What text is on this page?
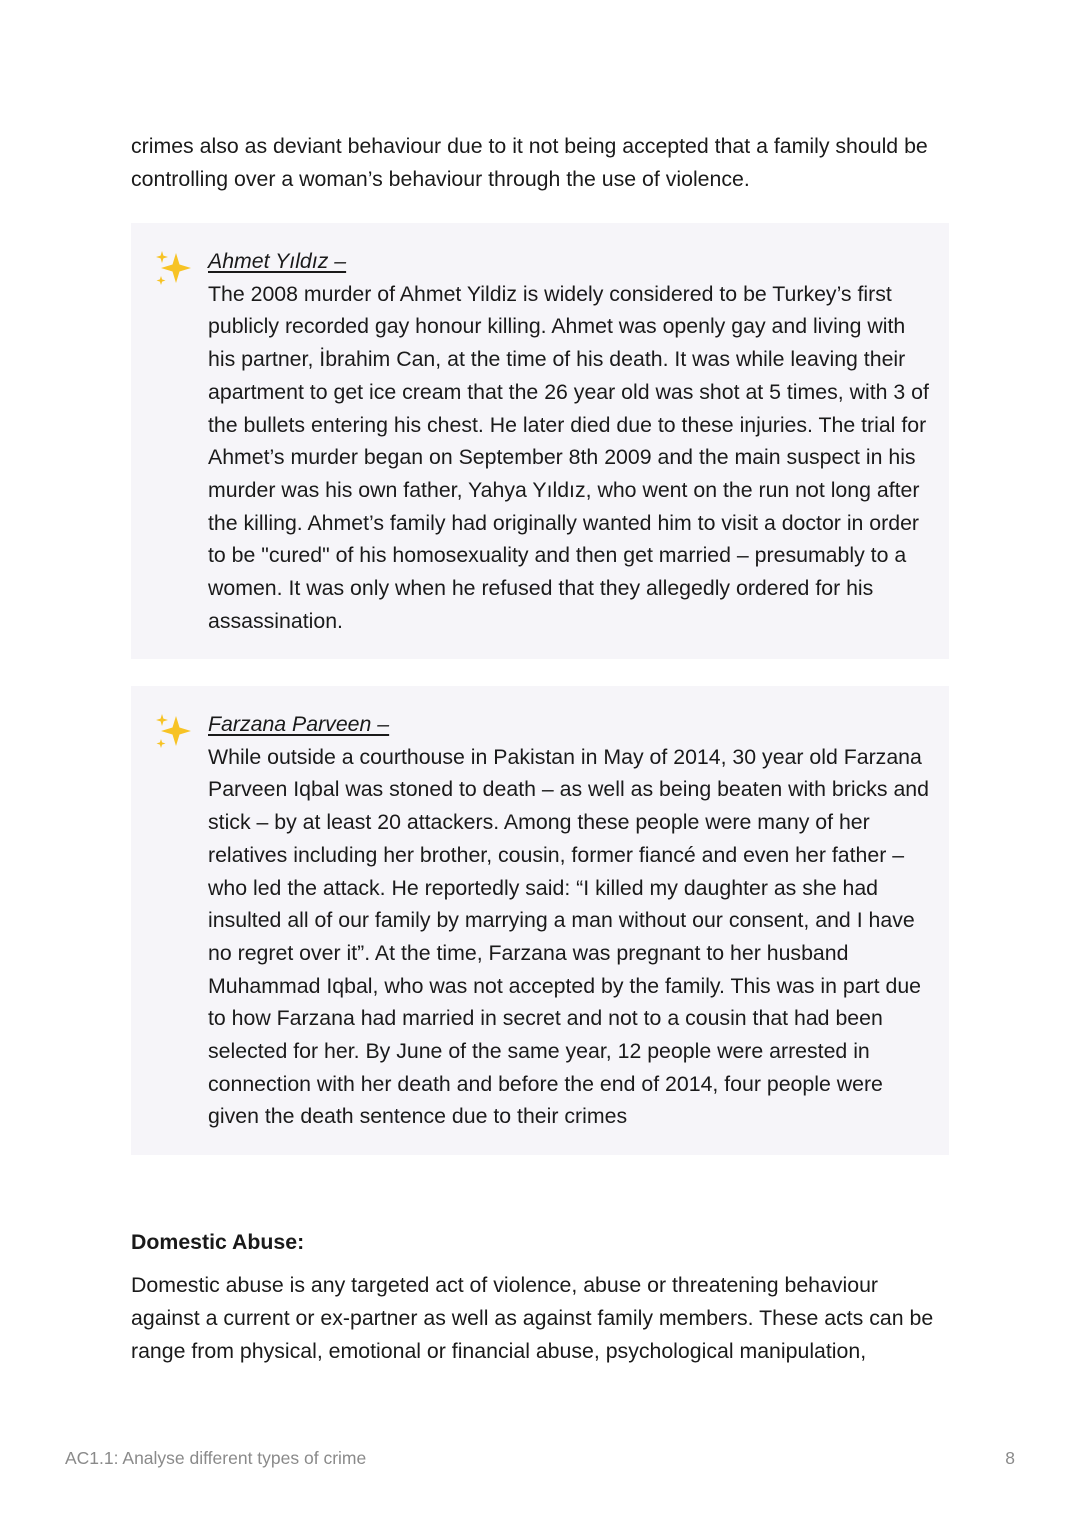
crimes also as deviant behaviour due to it not being accepted that a family should be controlling over a woman’s behaviour through the use of violence.

Ahmet Yıldız –

The 2008 murder of Ahmet Yildiz is widely considered to be Turkey’s first publicly recorded gay honour killing. Ahmet was openly gay and living with his partner, İbrahim Can, at the time of his death. It was while leaving their apartment to get ice cream that the 26 year old was shot at 5 times, with 3 of the bullets entering his chest. He later died due to these injuries. The trial for Ahmet’s murder began on September 8th 2009 and the main suspect in his murder was his own father, Yahya Yıldız, who went on the run not long after the killing. Ahmet’s family had originally wanted him to visit a doctor in order to be "cured" of his homosexuality and then get married – presumably to a women. It was only when he refused that they allegedly ordered for his assassination.

Farzana Parveen –

While outside a courthouse in Pakistan in May of 2014, 30 year old Farzana Parveen Iqbal was stoned to death – as well as being beaten with bricks and stick – by at least 20 attackers. Among these people were many of her relatives including her brother, cousin, former fiancé and even her father – who led the attack. He reportedly said: “I killed my daughter as she had insulted all of our family by marrying a man without our consent, and I have no regret over it”. At the time, Farzana was pregnant to her husband Muhammad Iqbal, who was not accepted by the family. This was in part due to how Farzana had married in secret and not to a cousin that had been selected for her. By June of the same year, 12 people were arrested in connection with her death and before the end of 2014, four people were given the death sentence due to their crimes

Domestic Abuse:

Domestic abuse is any targeted act of violence, abuse or threatening behaviour against a current or ex-partner as well as against family members. These acts can be range from physical, emotional or financial abuse, psychological manipulation,

AC1.1: Analyse different types of crime	8
